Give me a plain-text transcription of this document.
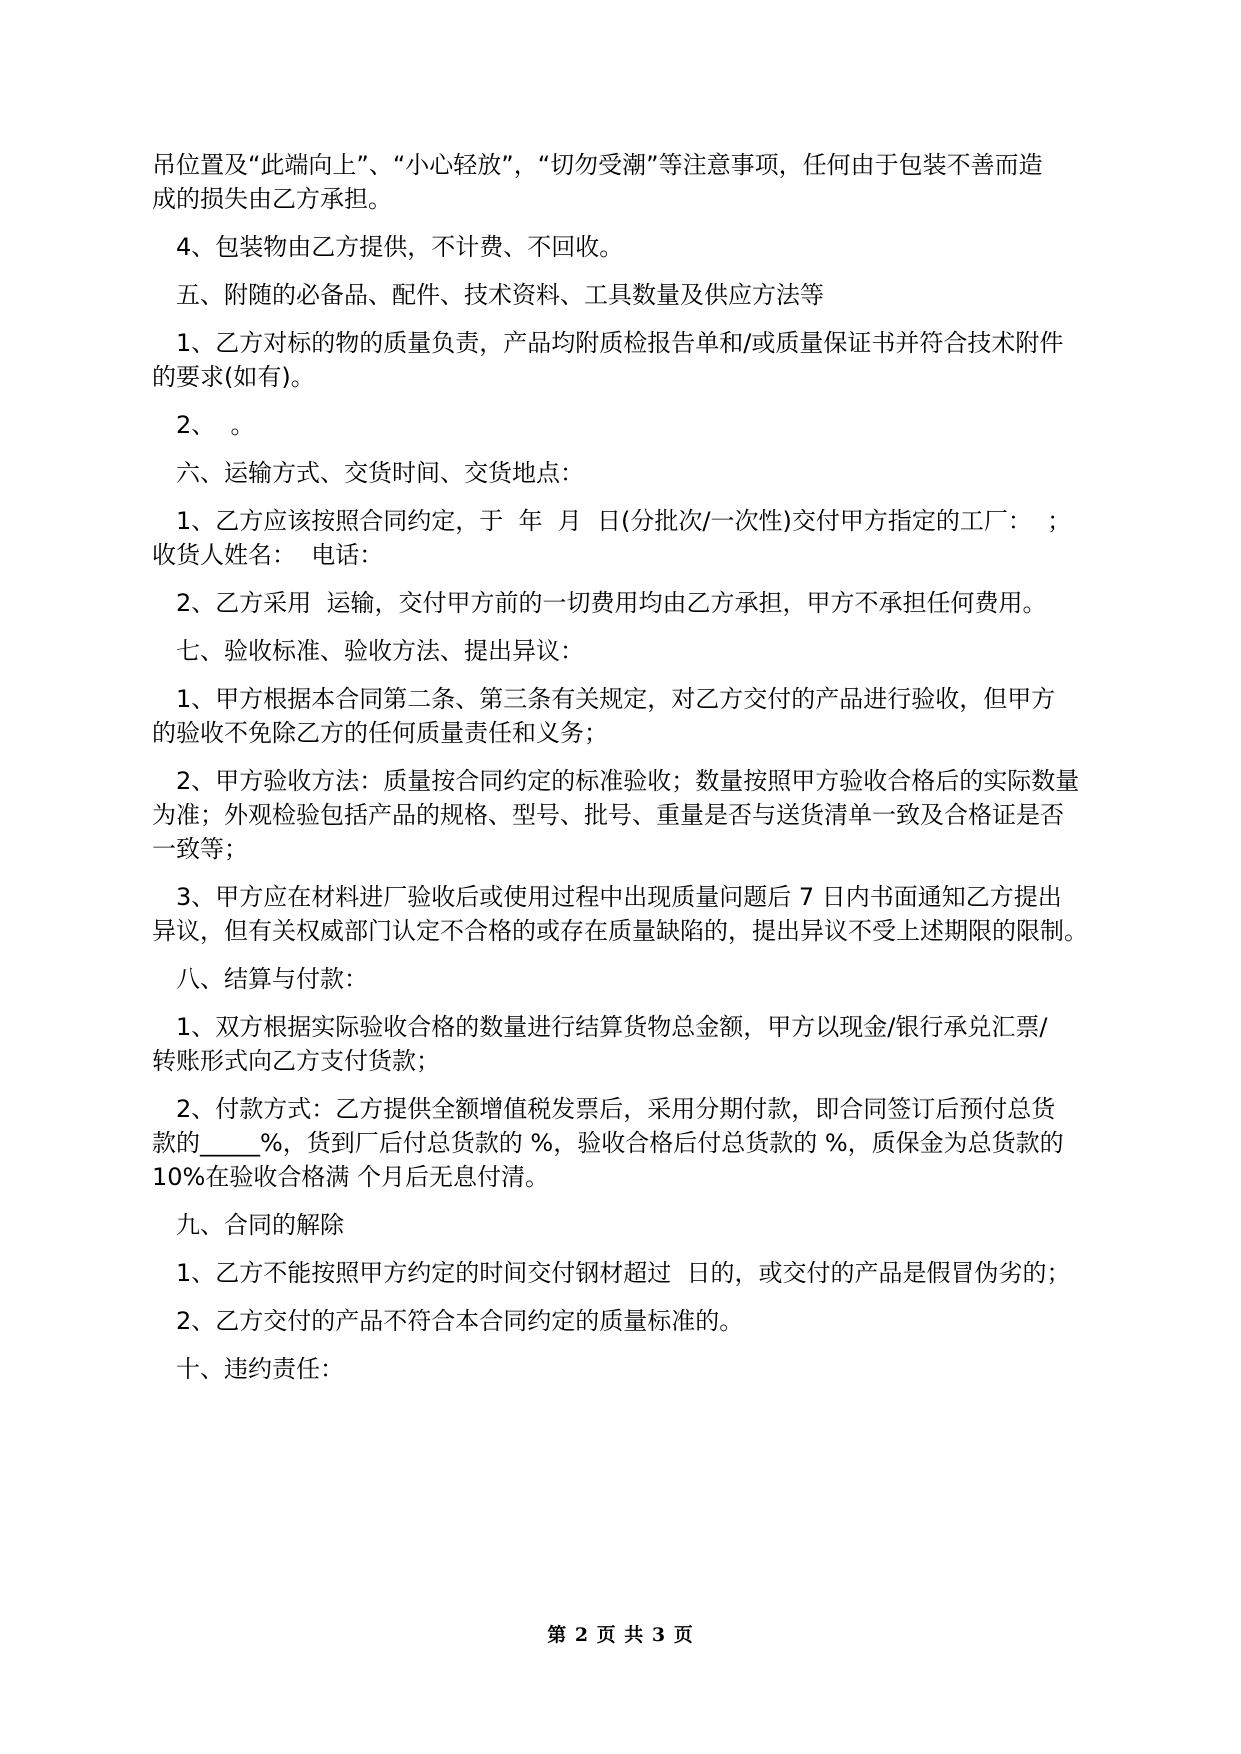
吊位置及“此端向上”、“小心轻放”，“切勿受潮”等注意事项，任何由于包装不善而造

成的损失由乙方承担。

4、包装物由乙方提供，不计费、不回收。

五、附随的必备品、配件、技术资料、工具数量及供应方法等

1、乙方对标的物的质量负责，产品均附质检报告单和/或质量保证书并符合技术附件

的要求(如有)。

2、  。

六、运输方式、交货时间、交货地点：

1、乙方应该按照合同约定，于  年  月  日(分批次/一次性)交付甲方指定的工厂：  ；

收货人姓名：  电话：

2、乙方采用  运输，交付甲方前的一切费用均由乙方承担，甲方不承担任何费用。

七、验收标准、验收方法、提出异议：

1、甲方根据本合同第二条、第三条有关规定，对乙方交付的产品进行验收，但甲方

的验收不免除乙方的任何质量责任和义务；

2、甲方验收方法：质量按合同约定的标准验收；数量按照甲方验收合格后的实际数量

为准；外观检验包括产品的规格、型号、批号、重量是否与送货清单一致及合格证是否

一致等；

3、甲方应在材料进厂验收后或使用过程中出现质量问题后 7 日内书面通知乙方提出

异议，但有关权威部门认定不合格的或存在质量缺陷的，提出异议不受上述期限的限制。

八、结算与付款：

1、双方根据实际验收合格的数量进行结算货物总金额，甲方以现金/银行承兑汇票/

转账形式向乙方支付货款；

2、付款方式：乙方提供全额增值税发票后，采用分期付款，即合同签订后预付总货

款的_____%，货到厂后付总货款的 %，验收合格后付总货款的 %，质保金为总货款的

10%在验收合格满 个月后无息付清。

九、合同的解除

1、乙方不能按照甲方约定的时间交付钢材超过  日的，或交付的产品是假冒伪劣的；

2、乙方交付的产品不符合本合同约定的质量标准的。

十、违约责任：

第 2 页 共 3 页
